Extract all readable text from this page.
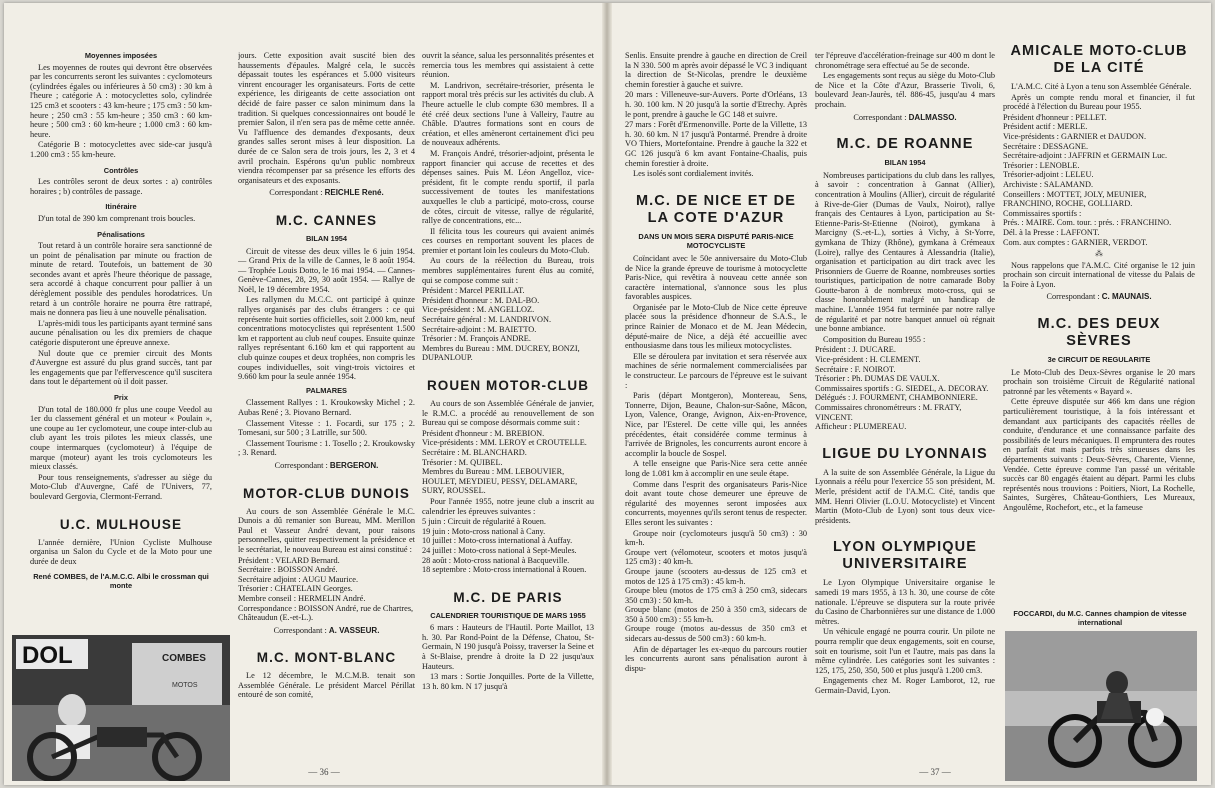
Moyennes imposées

Les moyennes de routes qui devront être observées par les concurrents seront les suivantes : cyclomoteurs (cylindrées égales ou inférieures à 50 cm3) : 30 km à l'heure ; catégorie A : motocyclettes solo, cylindrée 125 cm3 et scooters : 43 km-heure ; 175 cm3 : 50 km-heure ; 250 cm3 : 55 km-heure ; 350 cm3 : 60 km-heure ; 500 cm3 : 60 km-heure ; 1.000 cm3 : 60 km-heure.

Catégorie B : motocyclettes avec side-car jusqu'à 1.200 cm3 : 55 km-heure.

Contrôles

Les contrôles seront de deux sortes : a) contrôles horaires ; b) contrôles de passage.

Itinéraire

D'un total de 390 km comprenant trois boucles.

Pénalisations

Tout retard à un contrôle horaire sera sanctionné de un point de pénalisation par minute ou fraction de minute de retard. Toutefois, un battement de 30 secondes avant et après l'heure théorique de passage, sera accordé à chaque concurrent pour pallier à un dérèglement possible des pendules horodatrices. Un retard à un contrôle horaire ne pourra être rattrapé, mais ne donnera pas lieu à une nouvelle pénalisation.

L'après-midi tous les participants ayant terminé sans aucune pénalisation ou les dix premiers de chaque catégorie disputeront une épreuve annexe.

Nul doute que ce premier circuit des Monts d'Auvergne est assuré du plus grand succès, tant par les engagements que par l'effervescence qu'il suscitera dans tout le département où il doit passer.

Prix

D'un total de 180.000 fr plus une coupe Veedol au 1er du classement général et un moteur « Poulain », une coupe au 1er cyclomoteur, une coupe inter-club au club ayant les trois pilotes les mieux classés, une coupe intermarques (cyclomoteur) à l'équipe de marque (moteur) ayant les trois cyclomoteurs les mieux classés.

Pour tous renseignements, s'adresser au siège du Moto-Club d'Auvergne, Café de l'Univers, 77, boulevard Gergovia, Clermont-Ferrand.

U.C. MULHOUSE

L'année dernière, l'Union Cycliste Mulhouse organisa un Salon du Cycle et de la Moto pour une durée de deux

René COMBES, de l'A.M.C.C. Albi le crossman qui monte
DOL	COMBES
MOTOS

jours. Cette exposition avait suscité bien des haussements d'épaules. Malgré cela, le succès dépassait toutes les espérances et 5.000 visiteurs vinrent encourager les organisateurs. Forts de cette expérience, les dirigeants de cette association ont décidé de faire passer ce salon minimum dans la tradition. Si quelques concessionnaires ont boudé le premier Salon, il n'en sera pas de même cette année. Vu l'affluence des demandes d'exposants, deux grandes salles seront mises à leur disposition. La durée de ce Salon sera de trois jours, les 2, 3 et 4 avril prochain. Espérons qu'un public nombreux viendra récompenser par sa présence les efforts des organisateurs et des exposants.

Correspondant : REICHLE René.
M.C. CANNES
BILAN 1954

Circuit de vitesse des deux villes le 6 juin 1954. — Grand Prix de la ville de Cannes, le 8 août 1954. — Trophée Louis Dotto, le 16 mai 1954. — Cannes-Genève-Cannes, 28, 29, 30 août 1954. — Rallye de Noël, le 19 décembre 1954.

Les rallymen du M.C.C. ont participé à quinze rallyes organisés par des clubs étrangers : ce qui représente huit sorties officielles, soit 2.000 km, neuf concentrations motocyclistes qui représentent 1.500 km et rapportent au club neuf coupes. Ensuite quinze rallyes représentant 6.160 km et qui rapportent au club quinze coupes et deux trophées, non compris les coupes individuelles, soit vingt-trois victoires et 9.660 km pour la seule année 1954.

PALMARES

Classement Rallyes : 1. Kroukowsky Michel ; 2. Aubas René ; 3. Piovano Bernard.

Classement Vitesse : 1. Focardi, sur 175 ; 2. Tomesani, sur 500 ; 3 Latrille, sur 500.

Classement Tourisme : 1. Tosello ; 2. Kroukowsky ; 3. Renard.

Correspondant : BERGERON.
MOTOR-CLUB DUNOIS

Au cours de son Assemblée Générale le M.C. Dunois a dû remanier son Bureau, MM. Merillon Paul et Vasseur André devant, pour raisons personnelles, quitter respectivement la présidence et le secrétariat, le nouveau Bureau est ainsi constitué :

Président : VELARD Bernard.
Secrétaire : BOISSON André.
Secrétaire adjoint : AUGU Maurice.
Trésorier : CHATELAIN Georges.
Membre conseil : HERMELIN André.
Correspondance : BOISSON André, rue de Chartres, Châteaudun (E.-et-L.).

Correspondant : A. VASSEUR.
M.C. MONT-BLANC

Le 12 décembre, le M.C.M.B. tenait son Assemblée Générale. Le président Marcel Périllat entouré de son comité,

ouvrit la séance, salua les personnalités présentes et remercia tous les membres qui assistaient à cette réunion.

M. Landrivon, secrétaire-trésorier, présenta le rapport moral très précis sur les activités du club. A l'heure actuelle le club compte 630 membres. Il a été créé deux sections l'une à Valleiry, l'autre au Châble. D'autres formations sont en cours de création, et elles amèneront certainement d'ici peu de nouveaux adhérents.

M. François André, trésorier-adjoint, présenta le rapport financier qui accuse de recettes et des dépenses saines. Puis M. Léon Angelloz, vice-président, fit le compte rendu sportif, il parla successivement de toutes les manifestations auxquelles le club a participé, moto-cross, course de côtes, circuit de vitesse, rallye de régularité, rallye de concentrations, etc...

Il félicita tous les coureurs qui avaient animés ces courses en remportant souvent les places de premier et portant loin les couleurs du Moto-Club.

Au cours de la réélection du Bureau, trois membres supplémentaires furent élus au comité, qui se compose comme suit :

Président : Marcel PERILLAT.
Président d'honneur : M. DAL-BO.
Vice-président : M. ANGELLOZ.
Secrétaire général : M. LANDRIVON.
Secrétaire-adjoint : M. BAIETTO.
Trésorier : M. François ANDRE.
Membres du Bureau : MM. DUCREY, BONZI, DUPANLOUP.

ROUEN MOTOR-CLUB

Au cours de son Assemblée Générale de janvier, le R.M.C. a procédé au renouvellement de son Bureau qui se compose désormais comme suit :

Président d'honneur : M. BREBION.
Vice-présidents : MM. LEROY et CROUTELLE.
Secrétaire : M. BLANCHARD.
Trésorier : M. QUIBEL.
Membres du Bureau : MM. LEBOUVIER, HOULET, MEYDIEU, PESSY, DELAMARE, SURY, ROUSSEL.

Pour l'année 1955, notre jeune club a inscrit au calendrier les épreuves suivantes :

5 juin : Circuit de régularité à Rouen.
19 juin : Moto-cross national à Cany.
10 juillet : Moto-cross international à Auffay.
24 juillet : Moto-cross national à Sept-Meules.
28 août : Moto-cross national à Bacqueville.
18 septembre : Moto-cross international à Rouen.

M.C. DE PARIS
CALENDRIER TOURISTIQUE DE MARS 1955

6 mars : Hauteurs de l'Hautil. Porte Maillot, 13 h. 30. Par Rond-Point de la Défense, Chatou, St-Germain, N 190 jusqu'à Poissy, traverser la Seine et à St-Blaise, prendre à droite la D 22 jusqu'aux Hauteurs.

13 mars : Sortie Jonquilles. Porte de la Villette, 13 h. 80 km. N 17 jusqu'à

— 36 —

Senlis. Ensuite prendre à gauche en direction de Creil la N 330. 500 m après avoir dépassé le VC 3 indiquant la direction de St-Nicolas, prendre le deuxième chemin forestier à gauche et suivre.

20 mars : Villeneuve-sur-Auvers. Porte d'Orléans, 13 h. 30. 100 km. N 20 jusqu'à la sortie d'Etrechy. Après le pont, prendre à gauche le GC 148 et suivre.

27 mars : Forêt d'Ermenonville. Porte de la Villette, 13 h. 30. 60 km. N 17 jusqu'à Pontarmé. Prendre à droite VO Thiers, Mortefontaine. Prendre à gauche la 322 et GC 126 jusqu'à 6 km avant Fontaine-Chaalis, puis chemin forestier à droite.

Les isolés sont cordialement invités.

M.C. DE NICE ET DE LA COTE D'AZUR
DANS UN MOIS SERA DISPUTÉ PARIS-NICE MOTOCYCLISTE

Coïncidant avec le 50e anniversaire du Moto-Club de Nice la grande épreuve de tourisme à motocyclette Paris-Nice, qui revêtira à nouveau cette année son caractère international, s'annonce sous les plus favorables auspices.

Organisée par le Moto-Club de Nice cette épreuve placée sous la présidence d'honneur de S.A.S., le prince Rainier de Monaco et de M. Jean Médecin, député-maire de Nice, a déjà été accueillie avec enthousiasme dans tous les milieux motocyclistes.

Elle se déroulera par invitation et sera réservée aux machines de série normalement commercialisées par le constructeur. Le parcours de l'épreuve est le suivant :

Paris (départ Montgeron), Montereau, Sens, Tonnerre, Dijon, Beaune, Chalon-sur-Saône, Mâcon, Lyon, Valence, Orange, Avignon, Aix-en-Provence, Nice, par l'Esterel. De cette ville qui, les années précédentes, était considérée comme terminus à l'arrivée de Brignoles, les concurrents auront encore à accomplir la boucle de Sospel.

A telle enseigne que Paris-Nice sera cette année long de 1.081 km à accomplir en une seule étape.

Comme dans l'esprit des organisateurs Paris-Nice doit avant toute chose demeurer une épreuve de régularité des moyennes seront imposées aux concurrents, moyennes qu'ils seront tenus de respecter. Elles seront les suivantes :

Groupe noir (cyclomoteurs jusqu'à 50 cm3) : 30 km-h.
Groupe vert (vélomoteur, scooters et motos jusqu'à 125 cm3) : 40 km-h.
Groupe jaune (scooters au-dessus de 125 cm3 et motos de 125 à 175 cm3) : 45 km-h.
Groupe bleu (motos de 175 cm3 à 250 cm3, sidecars 350 cm3) : 50 km-h.
Groupe blanc (motos de 250 à 350 cm3, sidecars de 350 à 500 cm3) : 55 km-h.
Groupe rouge (motos au-dessus de 350 cm3 et sidecars au-dessus de 500 cm3) : 60 km-h.

Afin de départager les ex-æquo du parcours routier les concurrents auront sans pénalisation auront à dispu-

ter l'épreuve d'accélération-freinage sur 400 m dont le chronométrage sera effectué au 5e de seconde.

Les engagements sont reçus au siège du Moto-Club de Nice et la Côte d'Azur, Brasserie Tivoli, 6, boulevard Jean-Jaurès, tél. 886-45, jusqu'au 4 mars prochain.

Correspondant : DALMASSO.
M.C. DE ROANNE
BILAN 1954

Nombreuses participations du club dans les rallyes, à savoir : concentration à Gannat (Allier), concentration à Moulins (Allier), circuit de régularité à Rive-de-Gier (Dumas de Vaulx, Noirot), rallye français des Centaures à Lyon, participation au St-Etienne-Paris-St-Etienne (Noirot), gymkana à Marcigny (S.-et-L.), sorties à Vichy, à St-Yorre, gymkana de Thizy (Rhône), gymkana à Crémeaux (Loire), rallye des Centaures à Alessandria (Italie), organisation et participation au dirt track avec les Prisonniers de Guerre de Roanne, nombreuses sorties touristiques, participation de notre camarade Boby Goutte-baron à de nombreux moto-cross, qui se classe honorablement malgré un handicap de machine. L'année 1954 fut terminée par notre rallye de régularité et par notre banquet annuel où régnait une bonne ambiance.

Composition du Bureau 1955 :

Président : J. DUCARE.
Vice-président : H. CLEMENT.
Secrétaire : F. NOIROT.
Trésorier : Ph. DUMAS DE VAULX.
Commissaires sportifs : G. SIEDEL, A. DECORAY.
Délégués : J. FOURMENT, CHAMBONNIERE.
Commissaires chronométreurs : M. FRATY, VINCENT.
Afficheur : PLUMEREAU.

LIGUE DU LYONNAIS

A la suite de son Assemblée Générale, la Ligue du Lyonnais a réélu pour l'exercice 55 son président, M. Merle, président actif de l'A.M.C. Cité, tandis que MM. Henri Olivier (L.O.U. Motocycliste) et Vincent Martin (Moto-Club de Lyon) sont tous deux vice-présidents.

LYON OLYMPIQUE UNIVERSITAIRE

Le Lyon Olympique Universitaire organise le samedi 19 mars 1955, à 13 h. 30, une course de côte nationale. L'épreuve se disputera sur la route privée du Casino de Charbonnières sur une distance de 1.000 mètres.

Un véhicule engagé ne pourra courir. Un pilote ne pourra remplir que deux engagements, soit en course, soit en tourisme, soit l'un et l'autre, mais pas dans la même cylindrée. Les catégories sont les suivantes : 125, 175, 250, 350, 500 et plus jusqu'à 1.200 cm3.

Engagements chez M. Roger Lamborot, 12, rue Germain-David, Lyon.

AMICALE MOTO-CLUB DE LA CITÉ

L'A.M.C. Cité à Lyon a tenu son Assemblée Générale.

Après un compte rendu moral et financier, il fut procédé à l'élection du Bureau pour 1955.

Président d'honneur : PELLET.
Président actif : MERLE.
Vice-présidents : GARNIER et DAUDON.
Secrétaire : DESSAGNE.
Secrétaire-adjoint : JAFFRIN et GERMAIN Luc.
Trésorier : LENOBLE.
Trésorier-adjoint : LELEU.
Archiviste : SALAMAND.
Conseillers : MOTTET, JOLY, MEUNIER, FRANCHINO, ROCHE, GOLLIARD.
Commissaires sportifs :
Prés. : MAIRE. Com. tour. : prés. : FRANCHINO.
Dél. à la Presse : LAFFONT.
Com. aux comptes : GARNIER, VERDOT.

⁂

Nous rappelons que l'A.M.C. Cité organise le 12 juin prochain son circuit international de vitesse du Palais de la Foire à Lyon.

Correspondant : C. MAUNAIS.
M.C. DES DEUX SÈVRES
3e CIRCUIT DE REGULARITE

Le Moto-Club des Deux-Sèvres organise le 20 mars prochain son troisième Circuit de Régularité national patronné par les vêtements « Bayard ».

Cette épreuve disputée sur 466 km dans une région particulièrement touristique, à la fois intéressant et demandant aux participants des capacités réelles de conduite, d'endurance et une connaissance parfaite des possibilités de leurs mécaniques. Il empruntera des routes en parfait état mais parfois très sinueuses dans les départements suivants : Deux-Sèvres, Charente, Vienne, Vendée. Cette épreuve comme l'an passé un véritable succès car 80 engagés étaient au départ. Parmi les clubs représentés nous trouvions : Poitiers, Niort, La Rochelle, Saintes, Surgères, Château-Gonthiers, Les Mureaux, Angoulême, Rochefort, etc., et la fameuse

FOCCARDI, du M.C. Cannes champion de vitesse international
— 37 —
